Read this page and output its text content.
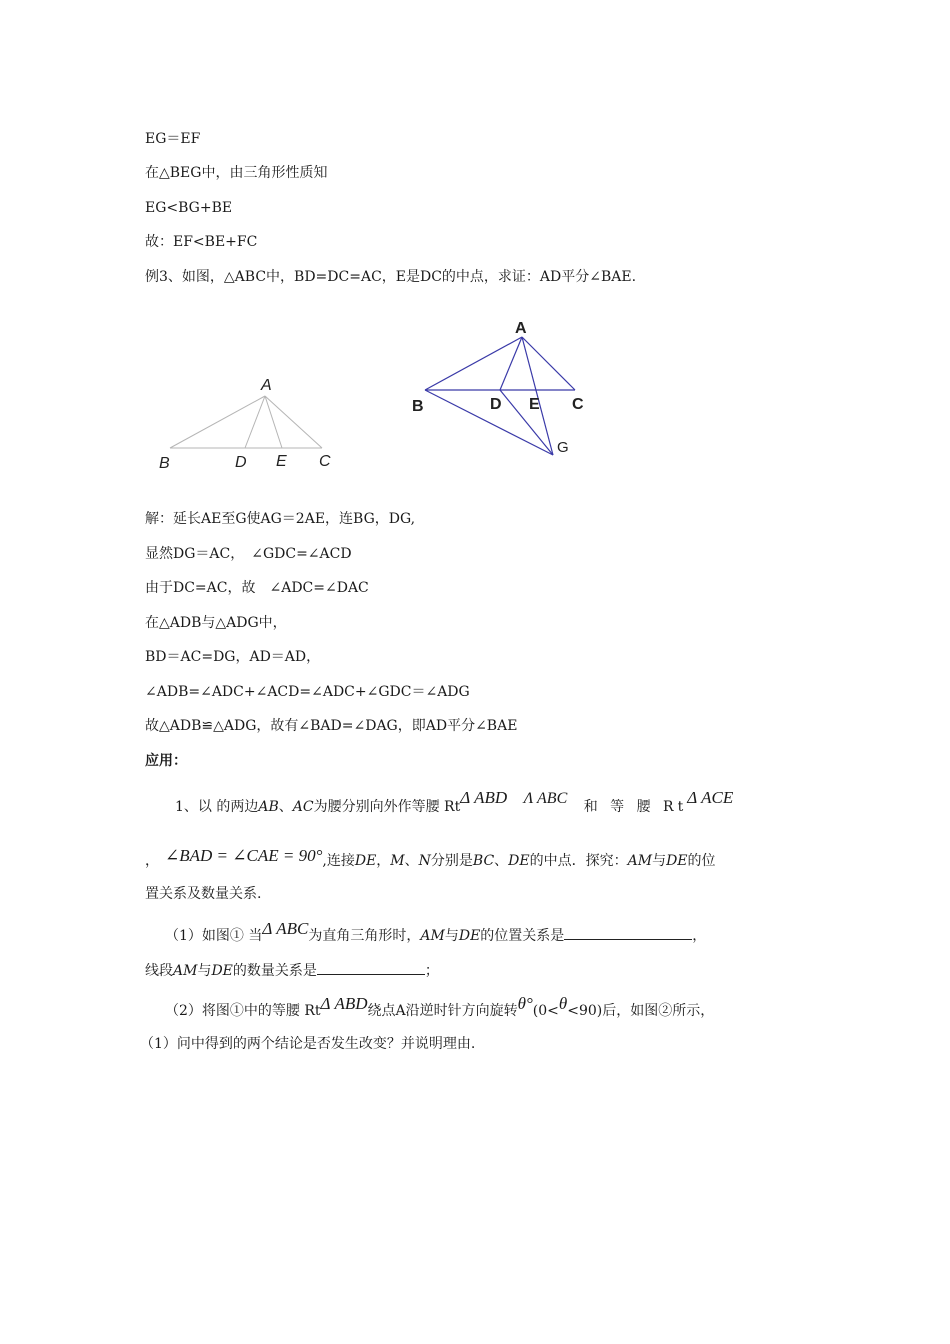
EG＝EF
在△BEG中，由三角形性质知
EG<BG+BE
故：EF<BE+FC
例3、如图，△ABC中，BD=DC=AC，E是DC的中点，求证：AD平分∠BAE.
A
B	D E C
A
B	D E C
G
解：延长AE至G使AG＝2AE，连BG，DG,
显然DG＝AC，　∠GDC=∠ACD
由于DC=AC，故　∠ADC=∠DAC
在△ADB与△ADG中，
BD＝AC=DG，AD＝AD，
∠ADB=∠ADC+∠ACD=∠ADC+∠GDC＝∠ADG
故△ADB≌△ADG，故有∠BAD=∠DAG，即AD平分∠BAE
应用：
1、以 的两边AB、AC为腰分别向外作等腰 RtΔ ABD Λ ABC 和 等 腰 RtΔ ACE
， ∠BAD = ∠CAE = 90°,连接DE，M、N分别是BC、DE的中点．探究：AM与DE的位
置关系及数量关系.
（1）如图① 当Δ ABC为直角三角形时，AM与DE的位置关系是	，
线段AM与DE的数量关系是	；
（2）将图①中的等腰 RtΔ ABD绕点A沿逆时针方向旋转θ°(0<θ<90)后，如图②所示，
（1）问中得到的两个结论是否发生改变？并说明理由.
